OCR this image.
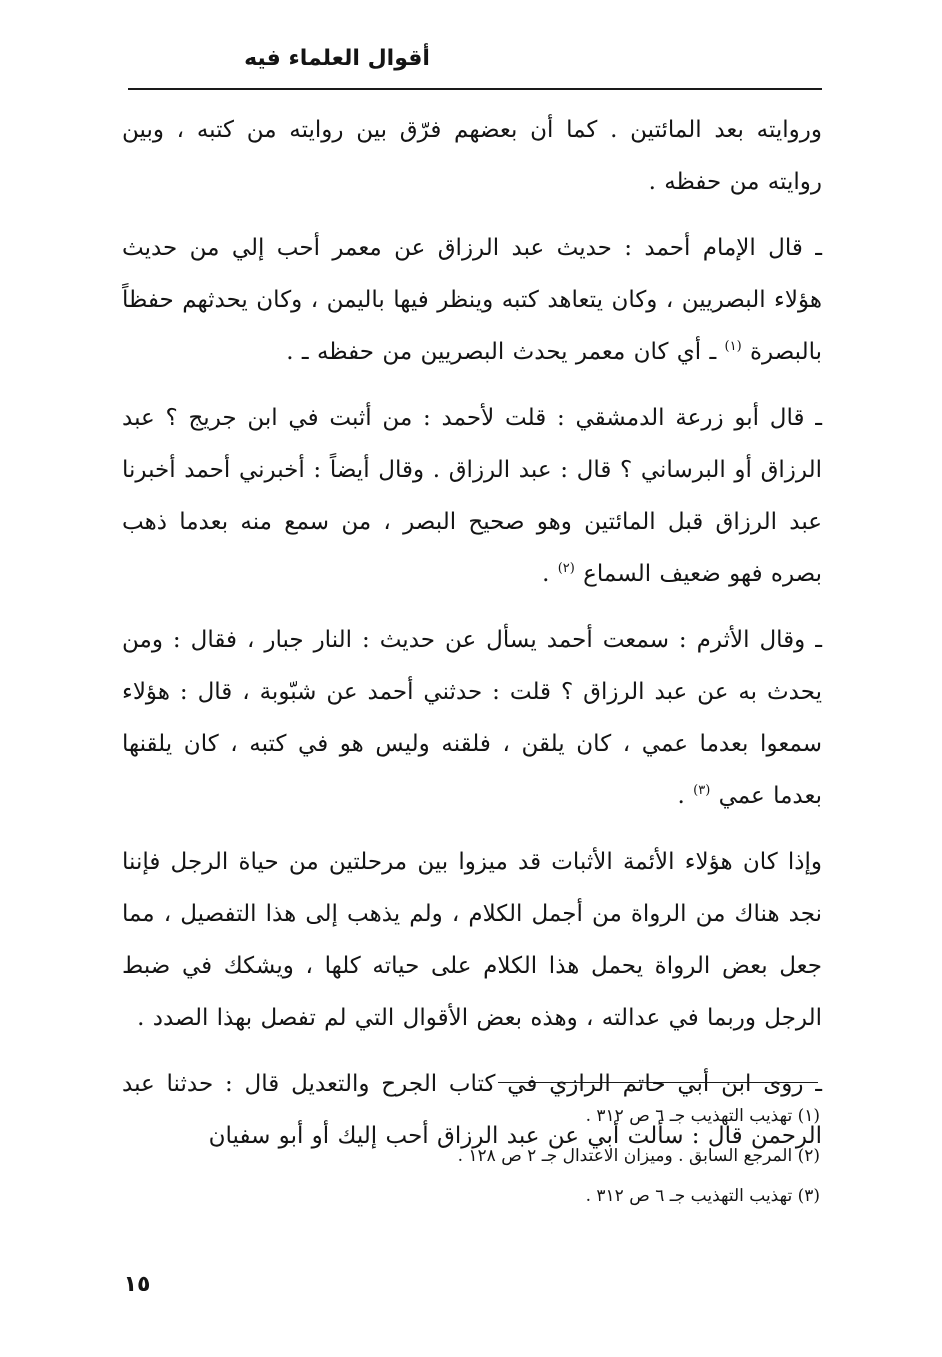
أقوال العلماء فيه

وروايته بعد المائتين . كما أن بعضهم فرّق بين روايته من كتبه ، وبين روايته من حفظه .

ـ قال الإمام أحمد : حديث عبد الرزاق عن معمر أحب إلي من حديث هؤلاء البصريين ، وكان يتعاهد كتبه وينظر فيها باليمن ، وكان يحدثهم حفظاً بالبصرة $^{(١)}$ ـ أي كان معمر يحدث البصريين من حفظه ـ .

ـ قال أبو زرعة الدمشقي : قلت لأحمد : من أثبت في ابن جريج ؟ عبد الرزاق أو البرساني ؟ قال : عبد الرزاق . وقال أيضاً : أخبرني أحمد أخبرنا عبد الرزاق قبل المائتين وهو صحيح البصر ، من سمع منه بعدما ذهب بصره فهو ضعيف السماع $^{(٢)}$ .

ـ وقال الأثرم : سمعت أحمد يسأل عن حديث : النار جبار ، فقال : ومن يحدث به عن عبد الرزاق ؟ قلت : حدثني أحمد عن شبّوبة ، قال : هؤلاء سمعوا بعدما عمي ، كان يلقن ، فلقنه وليس هو في كتبه ، كان يلقنها بعدما عمي $^{(٣)}$ .

وإذا كان هؤلاء الأئمة الأثبات قد ميزوا بين مرحلتين من حياة الرجل فإننا نجد هناك من الرواة من أجمل الكلام ، ولم يذهب إلى هذا التفصيل ، مما جعل بعض الرواة يحمل هذا الكلام على حياته كلها ، ويشكك في ضبط الرجل وربما في عدالته ، وهذه بعض الأقوال التي لم تفصل بهذا الصدد .

ـ روى ابن أبي حاتم الرازي في كتاب الجرح والتعديل قال : حدثنا عبد الرحمن قال : سألت أبي عن عبد الرزاق أحب إليك أو أبو سفيان

(١) تهذيب التهذيب جـ ٦ ص ٣١٢ .

(٢) المرجع السابق . وميزان الاعتدال جـ ٢ ص ١٢٨ .

(٣) تهذيب التهذيب جـ ٦ ص ٣١٢ .

١٥
